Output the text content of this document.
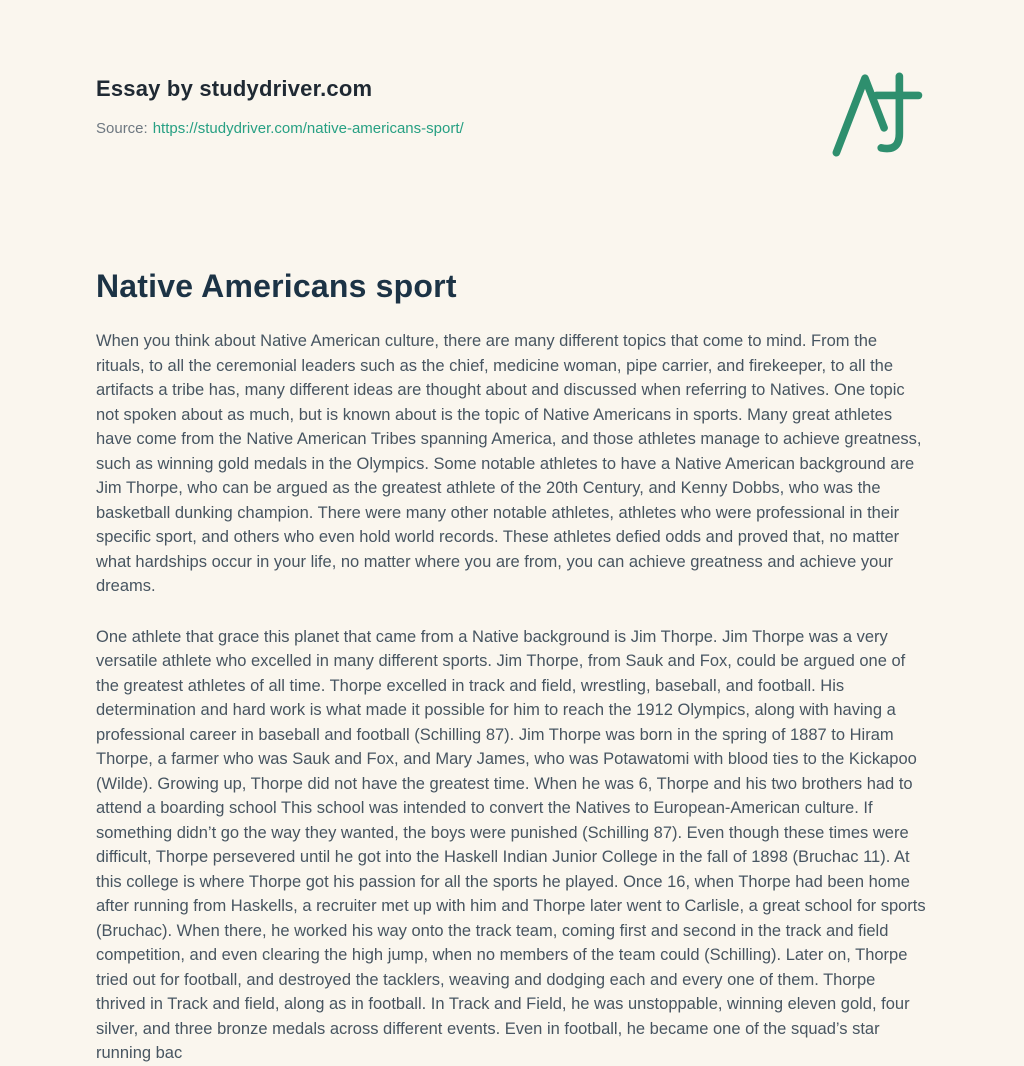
Essay by studydriver.com

Source: https://studydriver.com/native-americans-sport/

Native Americans sport

When you think about Native American culture, there are many different topics that come to mind. From the rituals, to all the ceremonial leaders such as the chief, medicine woman, pipe carrier, and firekeeper, to all the artifacts a tribe has, many different ideas are thought about and discussed when referring to Natives. One topic not spoken about as much, but is known about is the topic of Native Americans in sports. Many great athletes have come from the Native American Tribes spanning America, and those athletes manage to achieve greatness, such as winning gold medals in the Olympics. Some notable athletes to have a Native American background are Jim Thorpe, who can be argued as the greatest athlete of the 20th Century, and Kenny Dobbs, who was the basketball dunking champion. There were many other notable athletes, athletes who were professional in their specific sport, and others who even hold world records. These athletes defied odds and proved that, no matter what hardships occur in your life, no matter where you are from, you can achieve greatness and achieve your dreams.

One athlete that grace this planet that came from a Native background is Jim Thorpe. Jim Thorpe was a very versatile athlete who excelled in many different sports. Jim Thorpe, from Sauk and Fox, could be argued one of the greatest athletes of all time. Thorpe excelled in track and field, wrestling, baseball, and football. His determination and hard work is what made it possible for him to reach the 1912 Olympics, along with having a professional career in baseball and football (Schilling 87). Jim Thorpe was born in the spring of 1887 to Hiram Thorpe, a farmer who was Sauk and Fox, and Mary James, who was Potawatomi with blood ties to the Kickapoo (Wilde). Growing up, Thorpe did not have the greatest time. When he was 6, Thorpe and his two brothers had to attend a boarding school This school was intended to convert the Natives to European-American culture. If something didn’t go the way they wanted, the boys were punished (Schilling 87). Even though these times were difficult, Thorpe persevered until he got into the Haskell Indian Junior College in the fall of 1898 (Bruchac 11). At this college is where Thorpe got his passion for all the sports he played. Once 16, when Thorpe had been home after running from Haskells, a recruiter met up with him and Thorpe later went to Carlisle, a great school for sports (Bruchac). When there, he worked his way onto the track team, coming first and second in the track and field competition, and even clearing the high jump, when no members of the team could (Schilling). Later on, Thorpe tried out for football, and destroyed the tacklers, weaving and dodging each and every one of them. Thorpe thrived in Track and field, along as in football. In Track and Field, he was unstoppable, winning eleven gold, four silver, and three bronze medals across different events. Even in football, he became one of the squad’s star running bac
